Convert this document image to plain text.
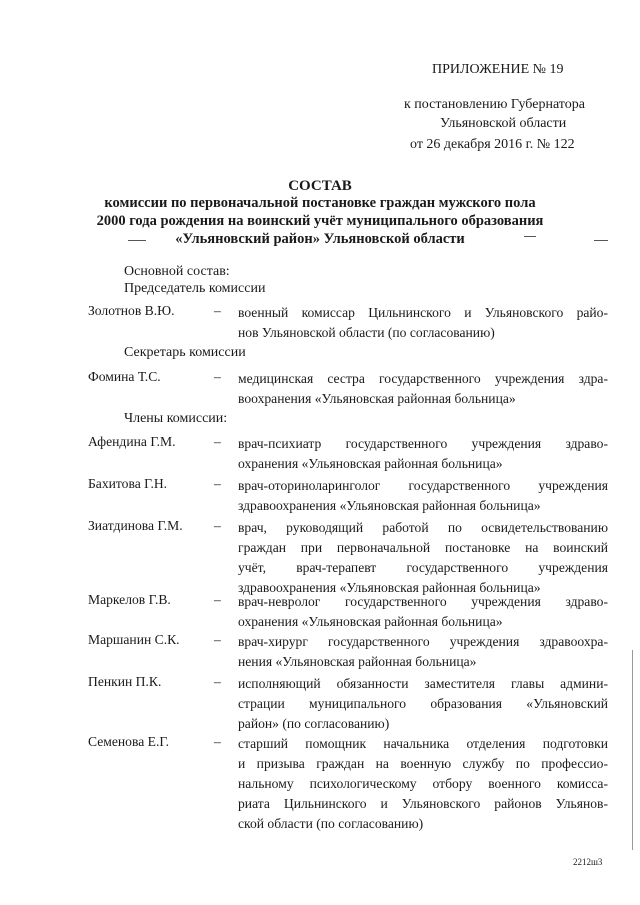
ПРИЛОЖЕНИЕ № 19
к постановлению Губернатора
Ульяновской области
от 26 декабря 2016 г. № 122
СОСТАВ
комиссии по первоначальной постановке граждан мужского пола
2000 года рождения на воинский учёт муниципального образования
«Ульяновский район» Ульяновской области
Основной состав:
Председатель комиссии
Золотнов В.Ю.	– военный комиссар Цильнинского и Ульяновского райо-
нов Ульяновской области (по согласованию)
Секретарь комиссии
Фомина Т.С.	– медицинская сестра государственного учреждения здра-
воохранения «Ульяновская районная больница»
Члены комиссии:
Афендина Г.М.	– врач-психиатр государственного учреждения здраво-
охранения «Ульяновская районная больница»
Бахитова Г.Н.	– врач-оториноларинголог государственного учреждения
здравоохранения «Ульяновская районная больница»
Зиатдинова Г.М. – врач, руководящий работой по освидетельствованию
граждан при первоначальной постановке на воинский
учёт, врач-терапевт государственного учреждения
здравоохранения «Ульяновская районная больница»
Маркелов Г.В.	– врач-невролог государственного учреждения здраво-
охранения «Ульяновская районная больница»
Маршанин С.К.	– врач-хирург государственного учреждения здравоохра-
нения «Ульяновская районная больница»
Пенкин П.К.	– исполняющий обязанности заместителя главы админи-
страции муниципального образования «Ульяновский
район» (по согласованию)
Семенова Е.Г.	– старший помощник начальника отделения подготовки
и призыва граждан на военную службу по профессио-
нальному психологическому отбору военного комисса-
риата Цильнинского и Ульяновского районов Ульянов-
ской области (по согласованию)
2212ш3
